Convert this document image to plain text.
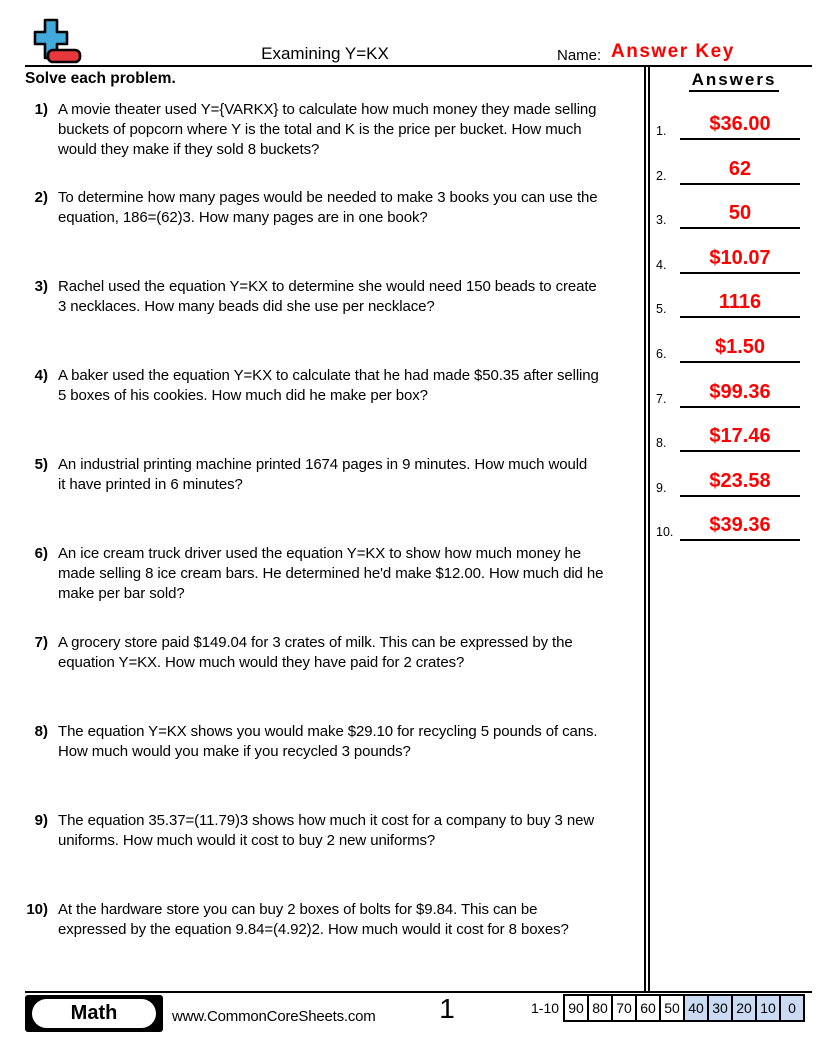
Examining Y=KX	Name: Answer Key
Solve each problem.
1) A movie theater used Y={VARKX} to calculate how much money they made selling
buckets of popcorn where Y is the total and K is the price per bucket. How much
would they make if they sold 8 buckets?
2) To determine how many pages would be needed to make 3 books you can use the
equation, 186=(62)3. How many pages are in one book?
3) Rachel used the equation Y=KX to determine she would need 150 beads to create
3 necklaces. How many beads did she use per necklace?
4) A baker used the equation Y=KX to calculate that he had made $50.35 after selling
5 boxes of his cookies. How much did he make per box?
5) An industrial printing machine printed 1674 pages in 9 minutes. How much would
it have printed in 6 minutes?
6) An ice cream truck driver used the equation Y=KX to show how much money he
made selling 8 ice cream bars. He determined he'd make $12.00. How much did he
make per bar sold?
7) A grocery store paid $149.04 for 3 crates of milk. This can be expressed by the
equation Y=KX. How much would they have paid for 2 crates?
8) The equation Y=KX shows you would make $29.10 for recycling 5 pounds of cans.
How much would you make if you recycled 3 pounds?
9) The equation 35.37=(11.79)3 shows how much it cost for a company to buy 3 new
uniforms. How much would it cost to buy 2 new uniforms?
10) At the hardware store you can buy 2 boxes of bolts for $9.84. This can be
expressed by the equation 9.84=(4.92)2. How much would it cost for 8 boxes?
Answers
1.	$36.00
2.	62
3.	50
4.	$10.07
5.	1116
6.	$1.50
7.	$99.36
8.	$17.46
9.	$23.58
10.	$39.36
Math	www.CommonCoreSheets.com	1	1-10 90 80 70 60 50 40 30 20 10 0
